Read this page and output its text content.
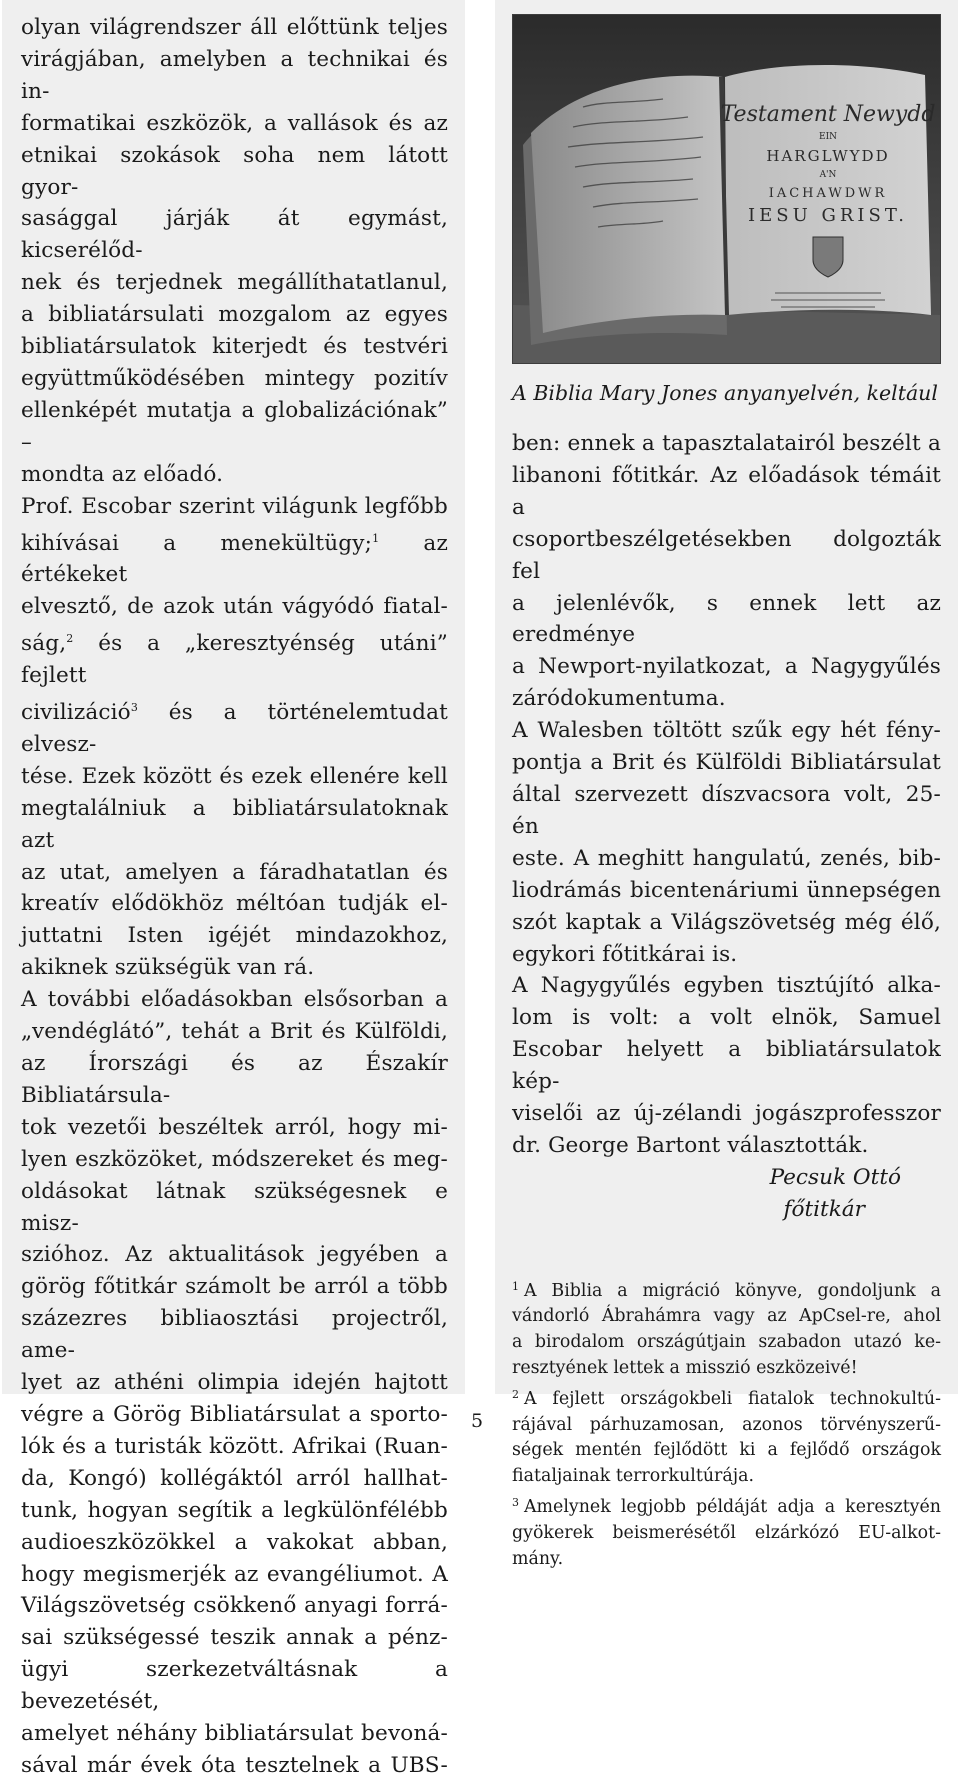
olyan világrendszer áll előttünk teljes
virágjában, amelyben a technikai és in-
formatikai eszközök, a vallások és az
etnikai szokások soha nem látott gyor-
sasággal járják át egymást, kicserélőd-
nek és terjednek megállíthatatlanul,
a bibliatársulati mozgalom az egyes
bibliatársulatok kiterjedt és testvéri
együttműködésében mintegy pozitív
ellenképét mutatja a globalizációnak” –
mondta az előadó.
Prof. Escobar szerint világunk legfőbb
kihívásai a menekültügy;$^1$ az értékeket
elvesztő, de azok után vágyódó fiatal-
ság,$^2$ és a „keresztyénség utáni” fejlett
civilizáció$^3$ és a történelemtudat elvesz-
tése. Ezek között és ezek ellenére kell
megtalálniuk a bibliatársulatoknak azt
az utat, amelyen a fáradhatatlan és
kreatív elődökhöz méltóan tudják el-
juttatni Isten igéjét mindazokhoz,
akiknek szükségük van rá.
A további előadásokban elsősorban a
„vendéglátó”, tehát a Brit és Külföldi,
az Írországi és az Északír Bibliatársula-
tok vezetői beszéltek arról, hogy mi-
lyen eszközöket, módszereket és meg-
oldásokat látnak szükségesnek e misz-
szióhoz. Az aktualitások jegyében a
görög főtitkár számolt be arról a több
százezres bibliaosztási projectről, ame-
lyet az athéni olimpia idején hajtott
végre a Görög Bibliatársulat a sporto-
lók és a turisták között. Afrikai (Ruan-
da, Kongó) kollégáktól arról hallhat-
tunk, hogyan segítik a legkülönfélébb
audioeszközökkel a vakokat abban,
hogy megismerjék az evangéliumot. A
Világszövetség csökkenő anyagi forrá-
sai szükségessé teszik annak a pénz-
ügyi szerkezetváltásnak a bevezetését,
amelyet néhány bibliatársulat bevoná-
sával már évek óta tesztelnek a UBS-
Testament Newydd
EIN
HARGLWYDD
A'N
IACHAWDWR
IESU GRIST.
A Biblia Mary Jones anyanyelvén, keltául
ben: ennek a tapasztalatairól beszélt a
libanoni főtitkár. Az előadások témáit a
csoportbeszélgetésekben dolgozták fel
a jelenlévők, s ennek lett az eredménye
a Newport-nyilatkozat, a Nagygyűlés
záródokumentuma.
A Walesben töltött szűk egy hét fény-
pontja a Brit és Külföldi Bibliatársulat
által szervezett díszvacsora volt, 25-én
este. A meghitt hangulatú, zenés, bib-
liodrámás bicentenáriumi ünnepségen
szót kaptak a Világszövetség még élő,
egykori főtitkárai is.
A Nagygyűlés egyben tisztújító alka-
lom is volt: a volt elnök, Samuel
Escobar helyett a bibliatársulatok kép-
viselői az új-zélandi jogászprofesszor
dr. George Bartont választották.
Pecsuk Ottó
főtitkár
$^1$ A Biblia a migráció könyve, gondoljunk a
vándorló Ábrahámra vagy az ApCsel-re, ahol
a birodalom országútjain szabadon utazó ke-
resztyének lettek a misszió eszközeivé!
$^2$ A fejlett országokbeli fiatalok technokultú-
rájával párhuzamosan, azonos törvényszerű-
ségek mentén fejlődött ki a fejlődő országok
fiataljainak terrorkultúrája.
$^3$ Amelynek legjobb példáját adja a keresztyén
gyökerek beismerésétől elzárkózó EU-alkot-
mány.
5
